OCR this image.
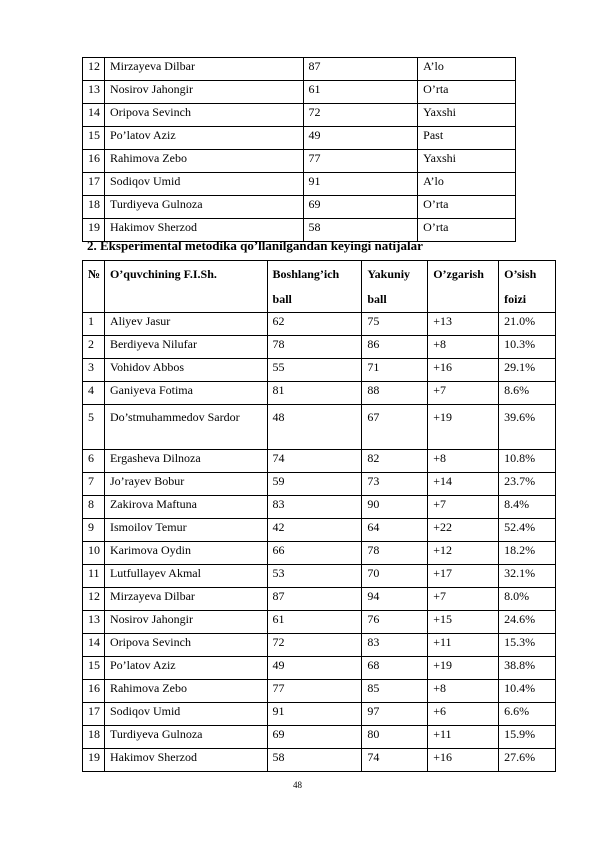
12	Mirzayeva Dilbar	87	A’lo
13	Nosirov Jahongir	61	O’rta
14	Oripova Sevinch	72	Yaxshi
15	Po’latov Aziz	49	Past
16	Rahimova Zebo	77	Yaxshi
17	Sodiqov Umid	91	A’lo
18	Turdiyeva Gulnoza	69	O’rta
19	Hakimov Sherzod	58	O’rta
2. Eksperimental metodika qo’llanilgandan keyingi natijalar
№	O’quvchining F.I.Sh.	Boshlang’ich ball	Yakuniy ball	O’zgarish	O’sish foizi
1	Aliyev Jasur	62	75	+13	21.0%
2	Berdiyeva Nilufar	78	86	+8	10.3%
3	Vohidov Abbos	55	71	+16	29.1%
4	Ganiyeva Fotima	81	88	+7	8.6%
5	Do’stmuhammedov Sardor	48	67	+19	39.6%
6	Ergasheva Dilnoza	74	82	+8	10.8%
7	Jo’rayev Bobur	59	73	+14	23.7%
8	Zakirova Maftuna	83	90	+7	8.4%
9	Ismoilov Temur	42	64	+22	52.4%
10	Karimova Oydin	66	78	+12	18.2%
11	Lutfullayev Akmal	53	70	+17	32.1%
12	Mirzayeva Dilbar	87	94	+7	8.0%
13	Nosirov Jahongir	61	76	+15	24.6%
14	Oripova Sevinch	72	83	+11	15.3%
15	Po’latov Aziz	49	68	+19	38.8%
16	Rahimova Zebo	77	85	+8	10.4%
17	Sodiqov Umid	91	97	+6	6.6%
18	Turdiyeva Gulnoza	69	80	+11	15.9%
19	Hakimov Sherzod	58	74	+16	27.6%
48
